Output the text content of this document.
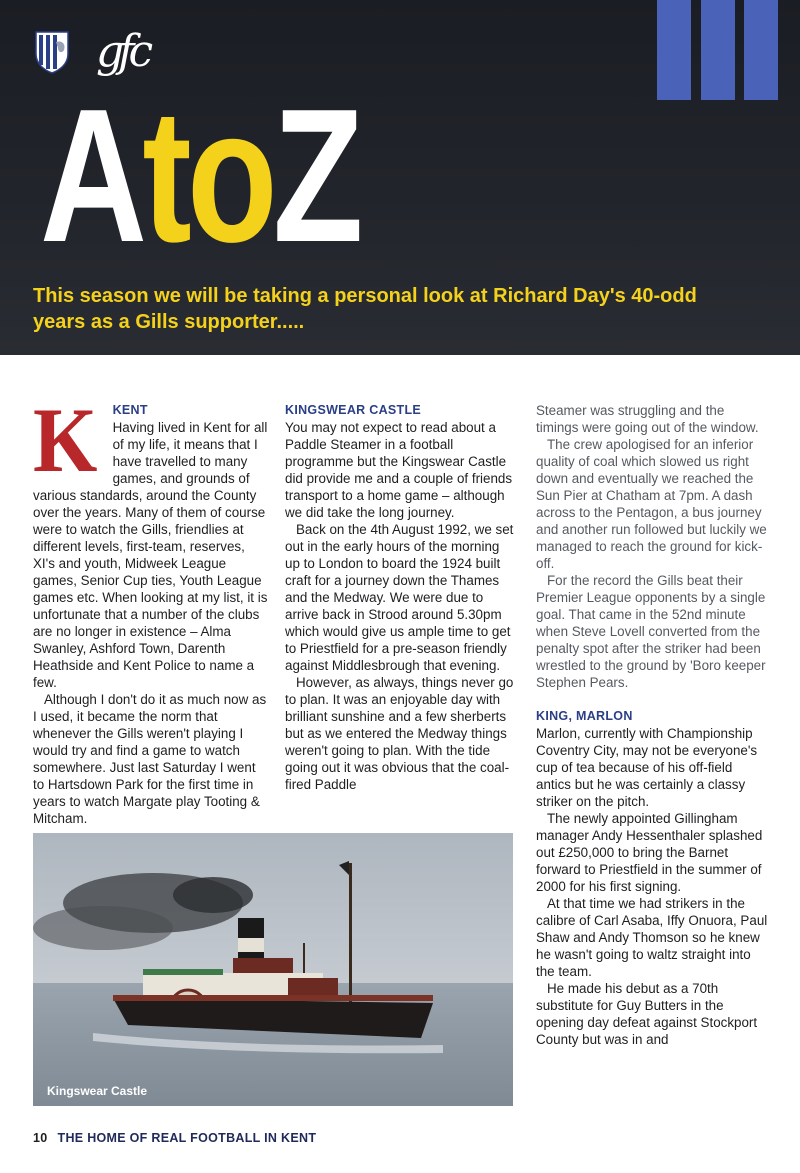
gfc
AtoZ

This season we will be taking a personal look at Richard Day's 40-odd years as a Gills supporter.....

K	KENT

Having lived in Kent for all of my life, it means that I have travelled to many games, and grounds of various standards, around the County over the years. Many of them of course were to watch the Gills, friendlies at different levels, first-team, reserves, XI's and youth, Midweek League games, Senior Cup ties, Youth League games etc. When looking at my list, it is unfortunate that a number of the clubs are no longer in existence – Alma Swanley, Ashford Town, Darenth Heathside and Kent Police to name a few.

Although I don't do it as much now as I used, it became the norm that whenever the Gills weren't playing I would try and find a game to watch somewhere. Just last Saturday I went to Hartsdown Park for the first time in years to watch Margate play Tooting & Mitcham.

KINGSWEAR CASTLE

You may not expect to read about a Paddle Steamer in a football programme but the Kingswear Castle did provide me and a couple of friends transport to a home game – although we did take the long journey.

Back on the 4th August 1992, we set out in the early hours of the morning up to London to board the 1924 built craft for a journey down the Thames and the Medway. We were due to arrive back in Strood around 5.30pm which would give us ample time to get to Priestfield for a pre-season friendly against Middlesbrough that evening.

However, as always, things never go to plan. It was an enjoyable day with brilliant sunshine and a few sherberts but as we entered the Medway things weren't going to plan. With the tide going out it was obvious that the coal-fired Paddle

Steamer was struggling and the timings were going out of the window.

The crew apologised for an inferior quality of coal which slowed us right down and eventually we reached the Sun Pier at Chatham at 7pm. A dash across to the Pentagon, a bus journey and another run followed but luckily we managed to reach the ground for kick-off.

For the record the Gills beat their Premier League opponents by a single goal. That came in the 52nd minute when Steve Lovell converted from the penalty spot after the striker had been wrestled to the ground by 'Boro keeper Stephen Pears.

KING, MARLON

Marlon, currently with Championship Coventry City, may not be everyone's cup of tea because of his off-field antics but he was certainly a classy striker on the pitch.

The newly appointed Gillingham manager Andy Hessenthaler splashed out £250,000 to bring the Barnet forward to Priestfield in the summer of 2000 for his first signing.

At that time we had strikers in the calibre of Carl Asaba, Iffy Onuora, Paul Shaw and Andy Thomson so he knew he wasn't going to waltz straight into the team.

He made his debut as a 70th substitute for Guy Butters in the opening day defeat against Stockport County but was in and

Kingswear Castle
10 THE HOME OF REAL FOOTBALL IN KENT
